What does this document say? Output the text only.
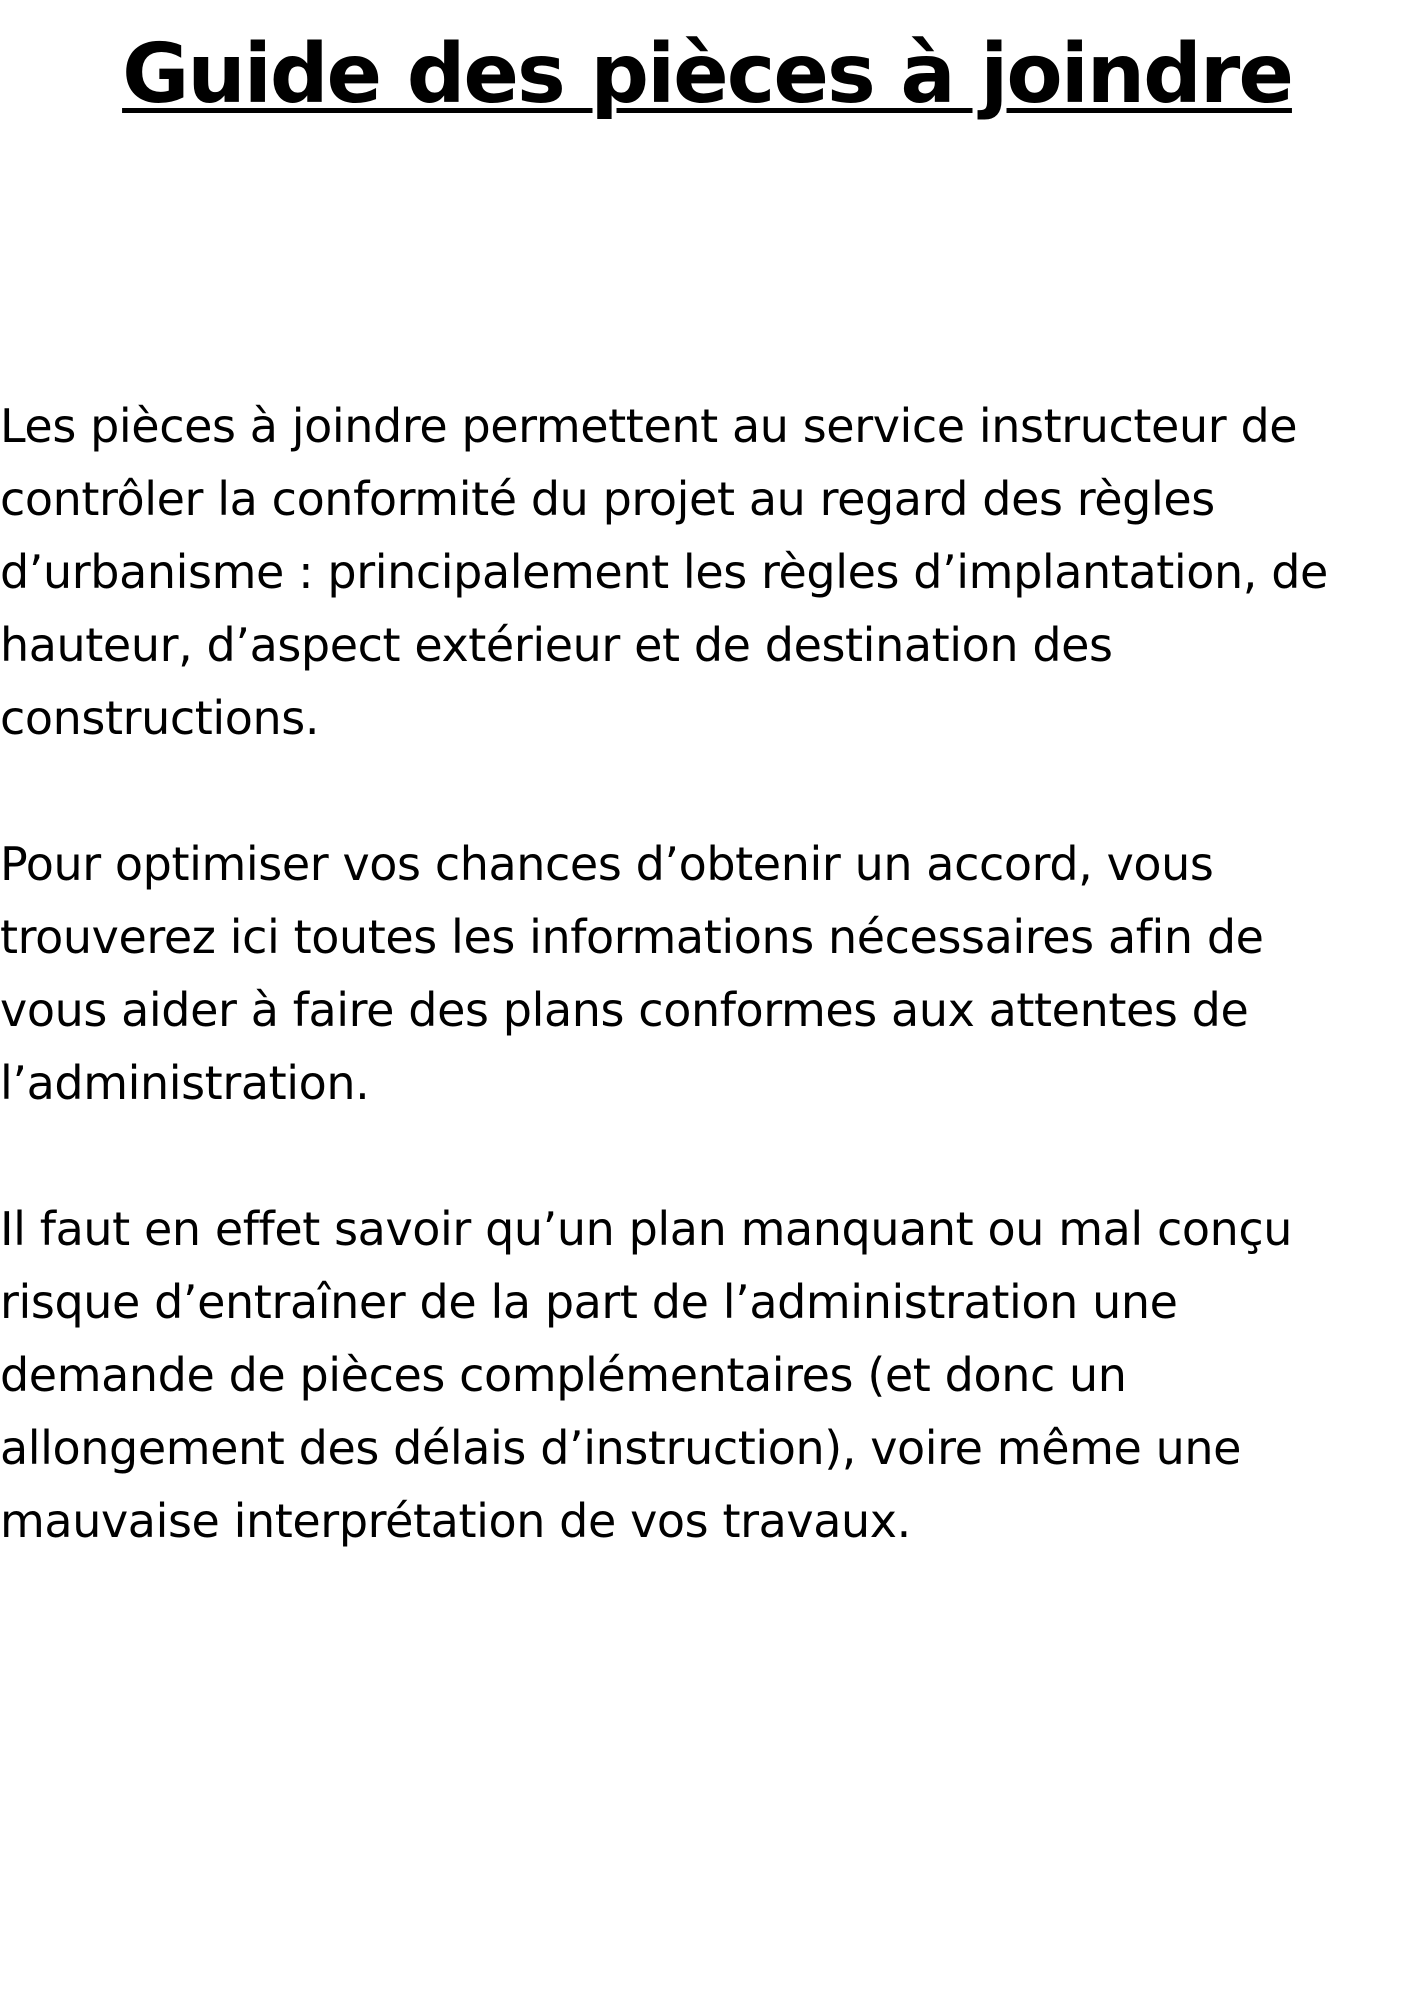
Guide des pièces à joindre

Les pièces à joindre permettent au service instructeur de
contrôler la conformité du projet au regard des règles
d’urbanisme : principalement les règles d’implantation, de
hauteur, d’aspect extérieur et de destination des
constructions.

Pour optimiser vos chances d’obtenir un accord, vous
trouverez ici toutes les informations nécessaires afin de
vous aider à faire des plans conformes aux attentes de
l’administration.

Il faut en effet savoir qu’un plan manquant ou mal conçu
risque d’entraîner de la part de l’administration une
demande de pièces complémentaires (et donc un
allongement des délais d’instruction), voire même une
mauvaise interprétation de vos travaux.
